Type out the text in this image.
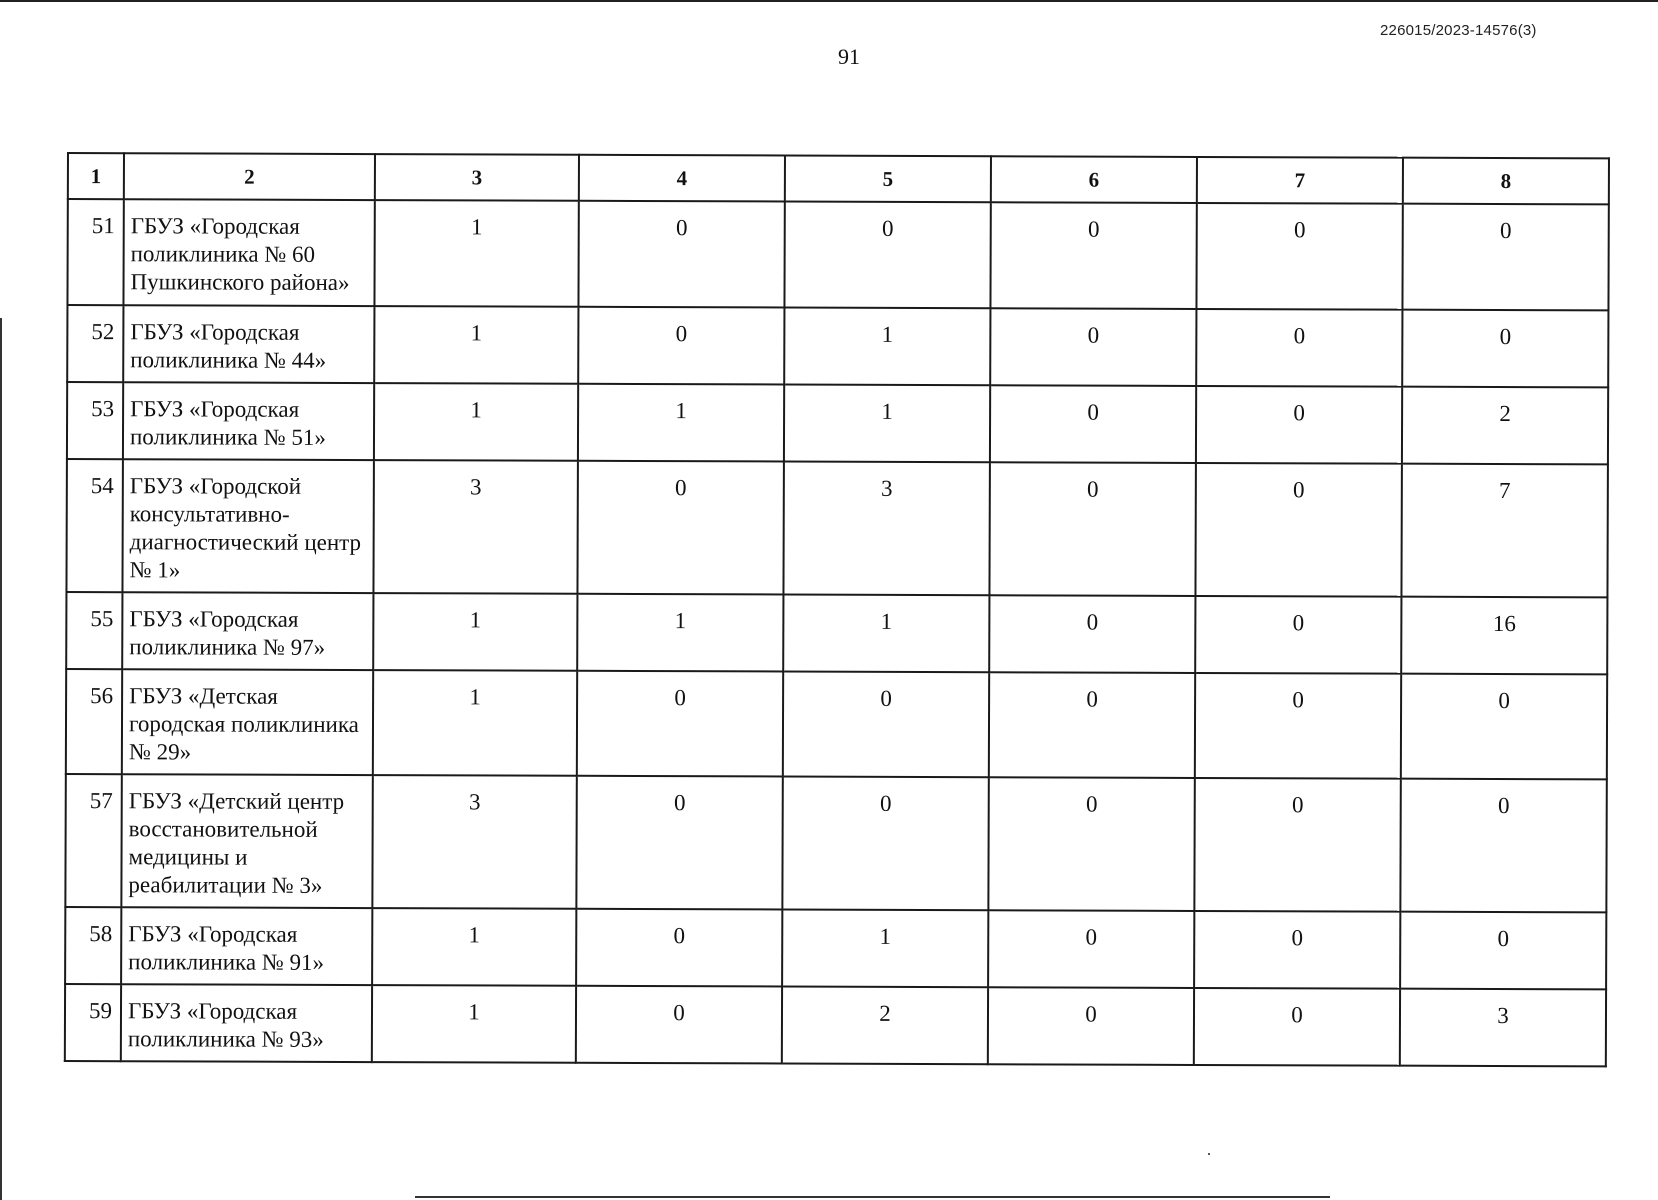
226015/2023-14576(3)
91
1	2	3	4	5	6	7	8
51	ГБУЗ «Городская поликлиника № 60 Пушкинского района»	1	0	0	0	0	0
52	ГБУЗ «Городская поликлиника № 44»	1	0	1	0	0	0
53	ГБУЗ «Городская поликлиника № 51»	1	1	1	0	0	2
54	ГБУЗ «Городской консультативно-диагностический центр № 1»	3	0	3	0	0	7
55	ГБУЗ «Городская поликлиника № 97»	1	1	1	0	0	16
56	ГБУЗ «Детская городская поликлиника № 29»	1	0	0	0	0	0
57	ГБУЗ «Детский центр восстановительной медицины и реабилитации № 3»	3	0	0	0	0	0
58	ГБУЗ «Городская поликлиника № 91»	1	0	1	0	0	0
59	ГБУЗ «Городская поликлиника № 93»	1	0	2	0	0	3
